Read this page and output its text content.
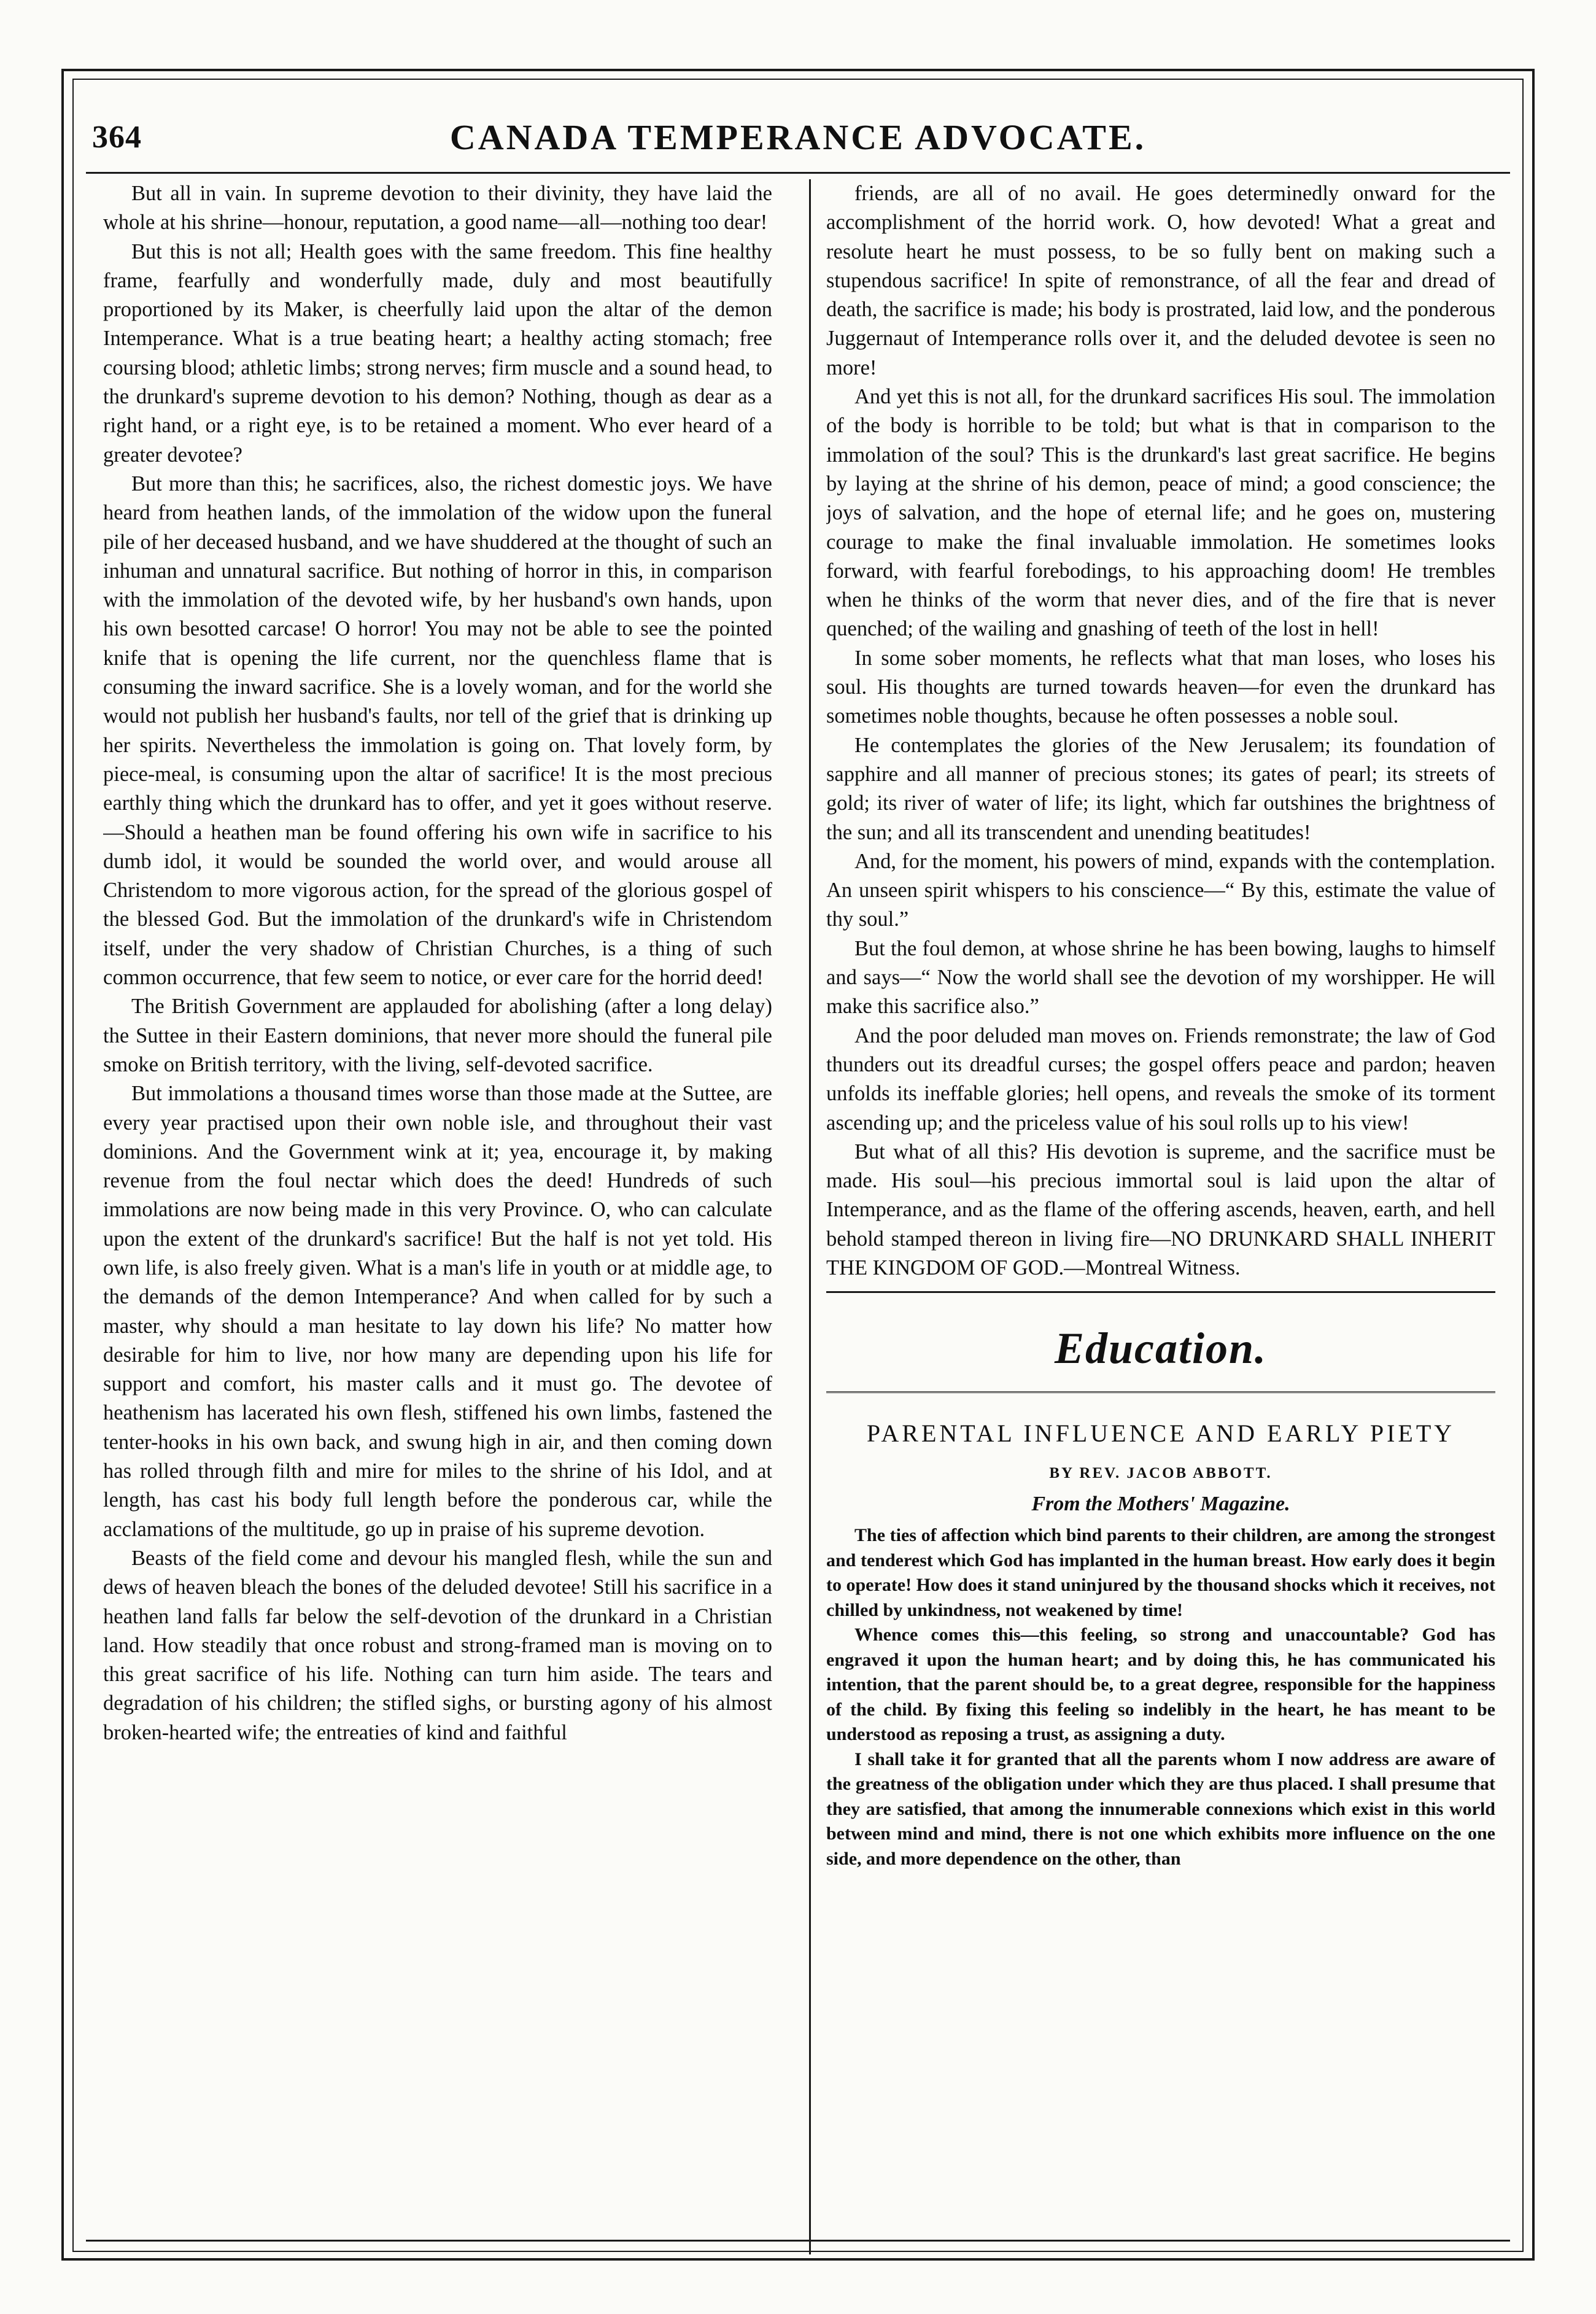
364	CANADA TEMPERANCE ADVOCATE.

But all in vain. In supreme devotion to their divinity, they have laid the whole at his shrine—honour, reputation, a good name—all—nothing too dear!

But this is not all; Health goes with the same freedom. This fine healthy frame, fearfully and wonderfully made, duly and most beautifully proportioned by its Maker, is cheerfully laid upon the altar of the demon Intemperance. What is a true beating heart; a healthy acting stomach; free coursing blood; athletic limbs; strong nerves; firm muscle and a sound head, to the drunkard's supreme devotion to his demon? Nothing, though as dear as a right hand, or a right eye, is to be retained a moment. Who ever heard of a greater devotee?

But more than this; he sacrifices, also, the richest domestic joys. We have heard from heathen lands, of the immolation of the widow upon the funeral pile of her deceased husband, and we have shuddered at the thought of such an inhuman and unnatural sacrifice. But nothing of horror in this, in comparison with the immolation of the devoted wife, by her husband's own hands, upon his own besotted carcase! O horror! You may not be able to see the pointed knife that is opening the life current, nor the quenchless flame that is consuming the inward sacrifice. She is a lovely woman, and for the world she would not publish her husband's faults, nor tell of the grief that is drinking up her spirits. Nevertheless the immolation is going on. That lovely form, by piece-meal, is consuming upon the altar of sacrifice! It is the most precious earthly thing which the drunkard has to offer, and yet it goes without reserve.—Should a heathen man be found offering his own wife in sacrifice to his dumb idol, it would be sounded the world over, and would arouse all Christendom to more vigorous action, for the spread of the glorious gospel of the blessed God. But the immolation of the drunkard's wife in Christendom itself, under the very shadow of Christian Churches, is a thing of such common occurrence, that few seem to notice, or ever care for the horrid deed!

The British Government are applauded for abolishing (after a long delay) the Suttee in their Eastern dominions, that never more should the funeral pile smoke on British territory, with the living, self-devoted sacrifice.

But immolations a thousand times worse than those made at the Suttee, are every year practised upon their own noble isle, and throughout their vast dominions. And the Government wink at it; yea, encourage it, by making revenue from the foul nectar which does the deed! Hundreds of such immolations are now being made in this very Province. O, who can calculate upon the extent of the drunkard's sacrifice! But the half is not yet told. His own life, is also freely given. What is a man's life in youth or at middle age, to the demands of the demon Intemperance? And when called for by such a master, why should a man hesitate to lay down his life? No matter how desirable for him to live, nor how many are depending upon his life for support and comfort, his master calls and it must go. The devotee of heathenism has lacerated his own flesh, stiffened his own limbs, fastened the tenter-hooks in his own back, and swung high in air, and then coming down has rolled through filth and mire for miles to the shrine of his Idol, and at length, has cast his body full length before the ponderous car, while the acclamations of the multitude, go up in praise of his supreme devotion.

Beasts of the field come and devour his mangled flesh, while the sun and dews of heaven bleach the bones of the deluded devotee! Still his sacrifice in a heathen land falls far below the self-devotion of the drunkard in a Christian land. How steadily that once robust and strong-framed man is moving on to this great sacrifice of his life. Nothing can turn him aside. The tears and degradation of his children; the stifled sighs, or bursting agony of his almost broken-hearted wife; the entreaties of kind and faithful

friends, are all of no avail. He goes determinedly onward for the accomplishment of the horrid work. O, how devoted! What a great and resolute heart he must possess, to be so fully bent on making such a stupendous sacrifice! In spite of remonstrance, of all the fear and dread of death, the sacrifice is made; his body is prostrated, laid low, and the ponderous Juggernaut of Intemperance rolls over it, and the deluded devotee is seen no more!

And yet this is not all, for the drunkard sacrifices His soul. The immolation of the body is horrible to be told; but what is that in comparison to the immolation of the soul? This is the drunkard's last great sacrifice. He begins by laying at the shrine of his demon, peace of mind; a good conscience; the joys of salvation, and the hope of eternal life; and he goes on, mustering courage to make the final invaluable immolation. He sometimes looks forward, with fearful forebodings, to his approaching doom! He trembles when he thinks of the worm that never dies, and of the fire that is never quenched; of the wailing and gnashing of teeth of the lost in hell!

In some sober moments, he reflects what that man loses, who loses his soul. His thoughts are turned towards heaven—for even the drunkard has sometimes noble thoughts, because he often possesses a noble soul.

He contemplates the glories of the New Jerusalem; its foundation of sapphire and all manner of precious stones; its gates of pearl; its streets of gold; its river of water of life; its light, which far outshines the brightness of the sun; and all its transcendent and unending beatitudes!

And, for the moment, his powers of mind, expands with the contemplation. An unseen spirit whispers to his conscience—“ By this, estimate the value of thy soul.”

But the foul demon, at whose shrine he has been bowing, laughs to himself and says—“ Now the world shall see the devotion of my worshipper. He will make this sacrifice also.”

And the poor deluded man moves on. Friends remonstrate; the law of God thunders out its dreadful curses; the gospel offers peace and pardon; heaven unfolds its ineffable glories; hell opens, and reveals the smoke of its torment ascending up; and the priceless value of his soul rolls up to his view!

But what of all this? His devotion is supreme, and the sacrifice must be made. His soul—his precious immortal soul is laid upon the altar of Intemperance, and as the flame of the offering ascends, heaven, earth, and hell behold stamped thereon in living fire—NO DRUNKARD SHALL INHERIT THE KINGDOM OF GOD.—Montreal Witness.

Education.
PARENTAL INFLUENCE AND EARLY PIETY
BY REV. JACOB ABBOTT.
From the Mothers' Magazine.

The ties of affection which bind parents to their children, are among the strongest and tenderest which God has implanted in the human breast. How early does it begin to operate! How does it stand uninjured by the thousand shocks which it receives, not chilled by unkindness, not weakened by time!

Whence comes this—this feeling, so strong and unaccountable? God has engraved it upon the human heart; and by doing this, he has communicated his intention, that the parent should be, to a great degree, responsible for the happiness of the child. By fixing this feeling so indelibly in the heart, he has meant to be understood as reposing a trust, as assigning a duty.

I shall take it for granted that all the parents whom I now address are aware of the greatness of the obligation under which they are thus placed. I shall presume that they are satisfied, that among the innumerable connexions which exist in this world between mind and mind, there is not one which exhibits more influence on the one side, and more dependence on the other, than
